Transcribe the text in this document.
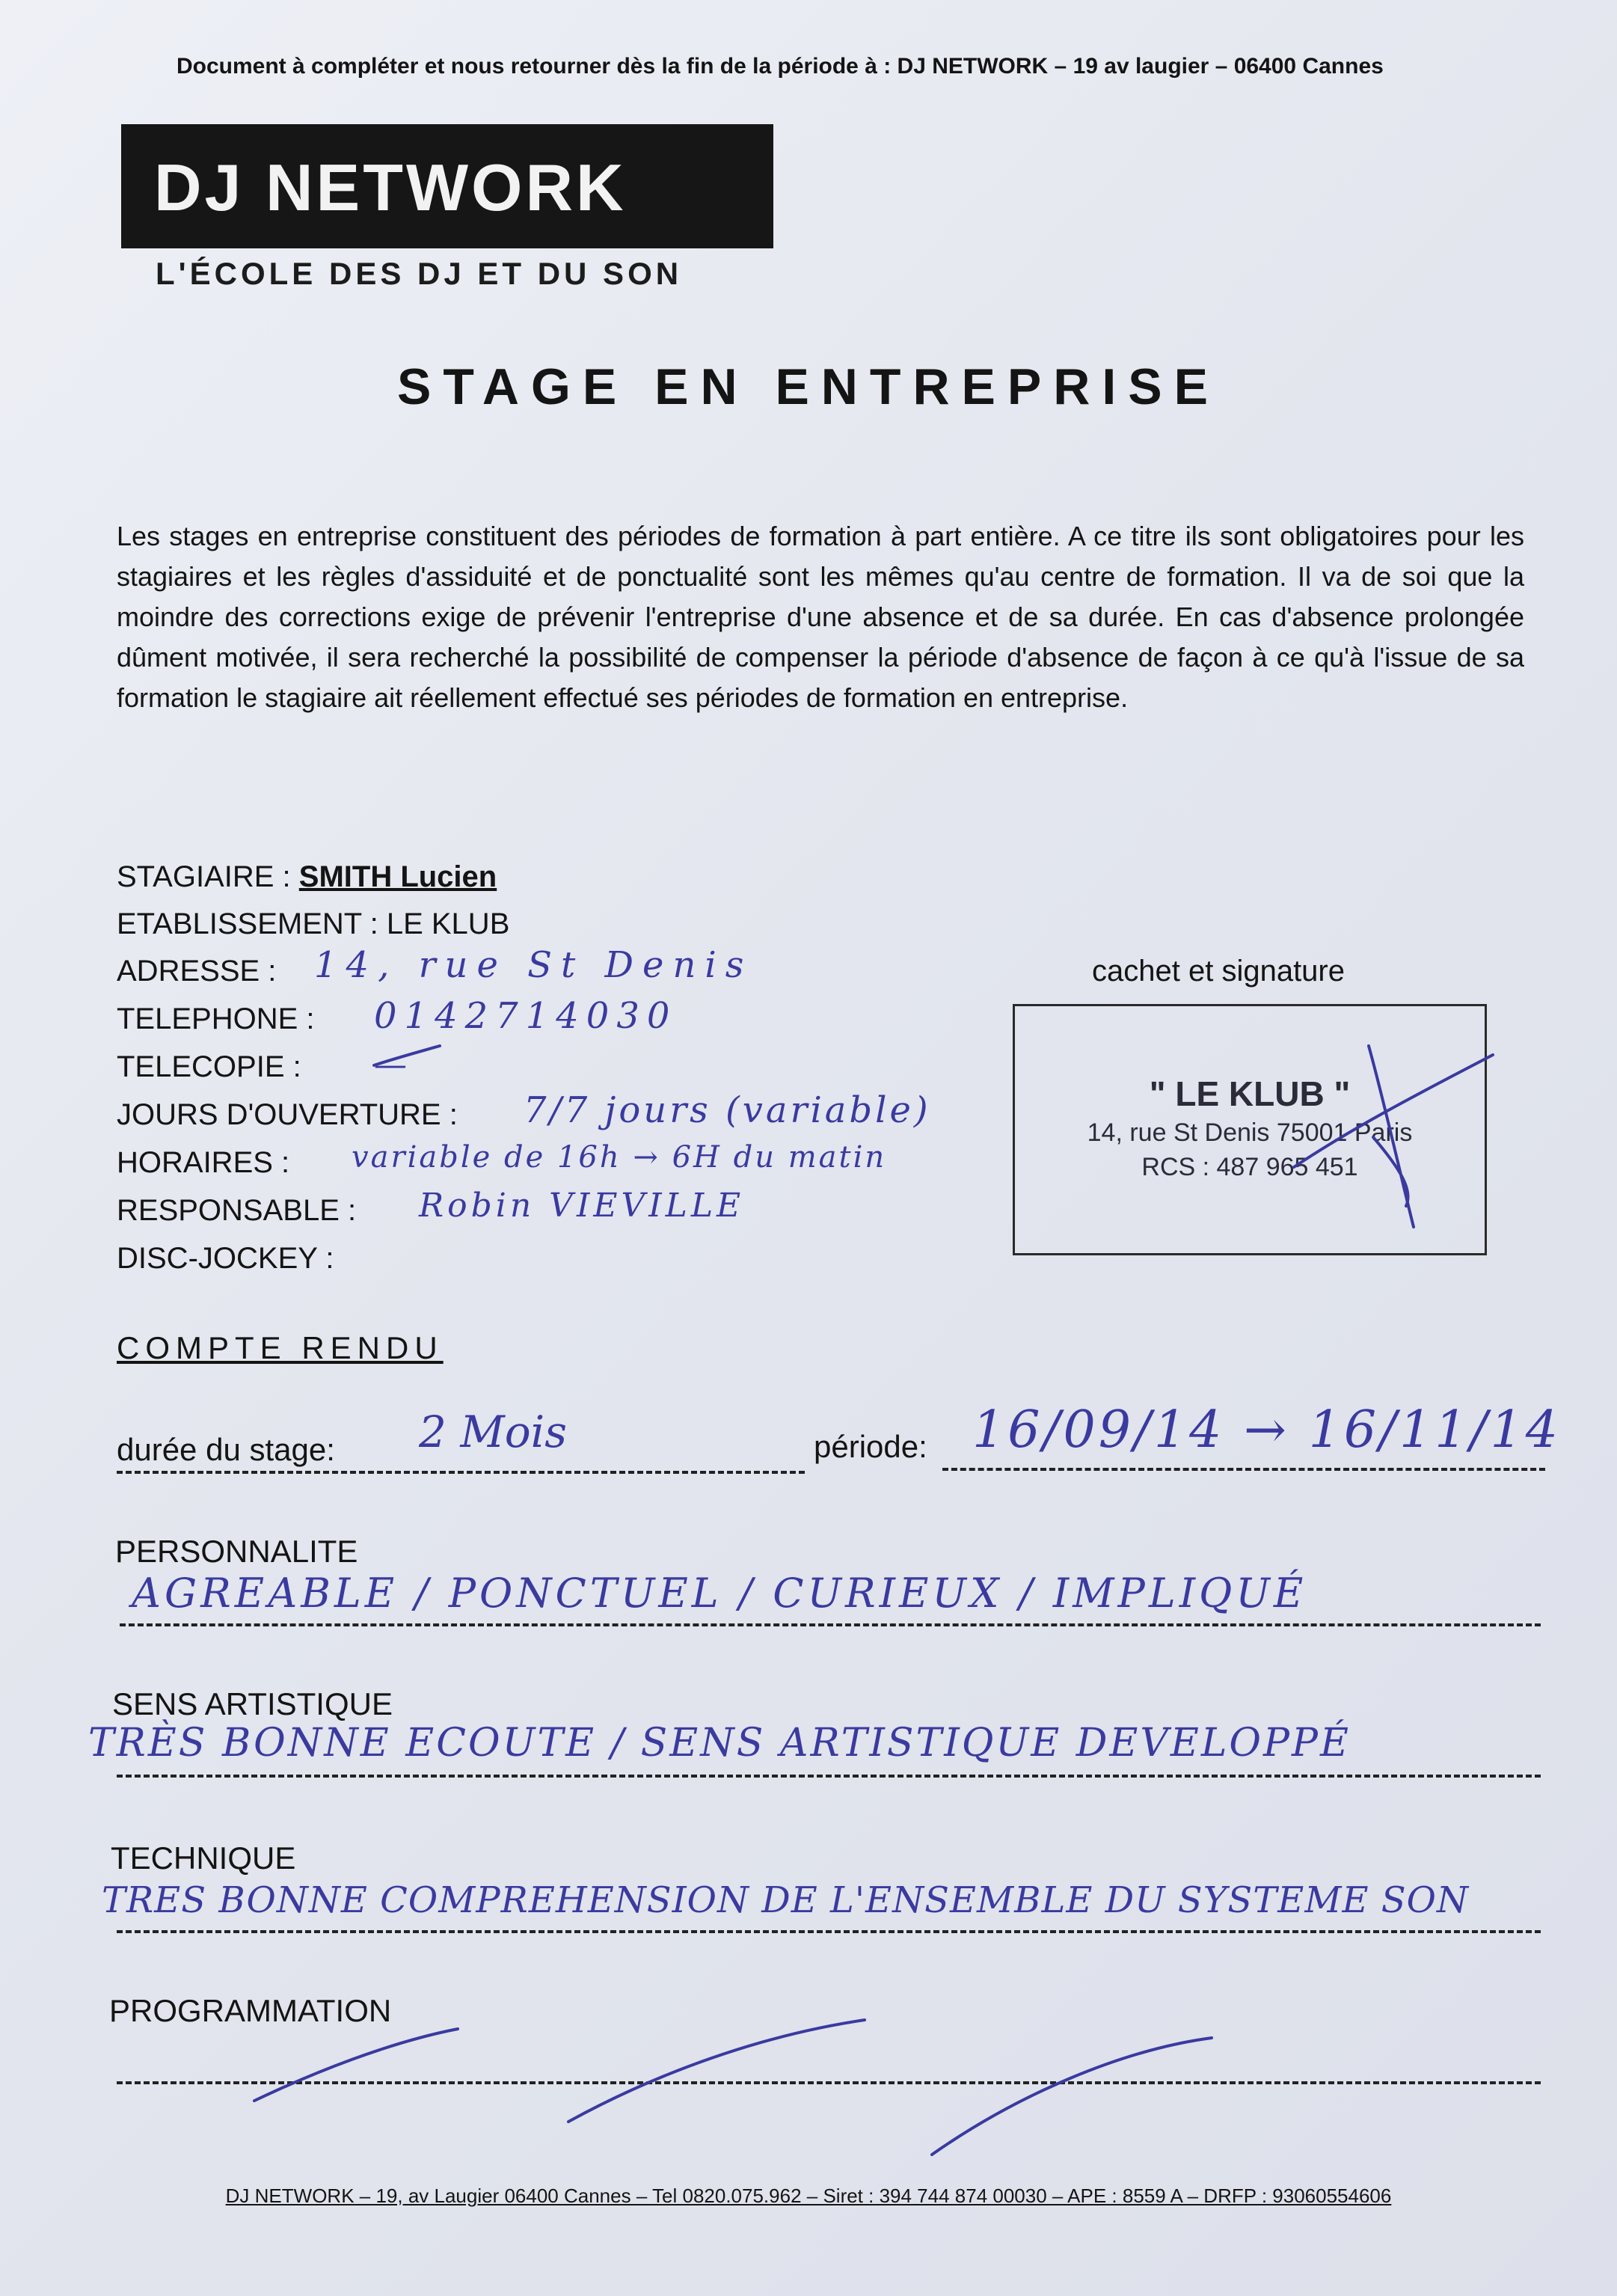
Document à compléter et nous retourner dès la fin de la période à : DJ NETWORK – 19 av laugier – 06400 Cannes
DJ NETWORK
L'ÉCOLE DES DJ ET DU SON
STAGE EN ENTREPRISE
Les stages en entreprise constituent des périodes de formation à part entière. A ce titre ils sont obligatoires pour les stagiaires et les règles d'assiduité et de ponctualité sont les mêmes qu'au centre de formation. Il va de soi que la moindre des corrections exige de prévenir l'entreprise d'une absence et de sa durée. En cas d'absence prolongée dûment motivée, il sera recherché la possibilité de compenser la période d'absence de façon à ce qu'à l'issue de sa formation le stagiaire ait réellement effectué ses périodes de formation en entreprise.
STAGIAIRE : SMITH Lucien
ETABLISSEMENT : LE KLUB
ADRESSE : 14, rue St Denis
TELEPHONE : 0142714030
TELECOPIE : —
JOURS D'OUVERTURE : 7/7 jours (variable)
HORAIRES : variable de 16h → 6H du matin
RESPONSABLE : Robin VIEVILLE
DISC-JOCKEY :
cachet et signature
" LE KLUB "
14, rue St Denis 75001 Paris
RCS : 487 965 451
COMPTE RENDU
durée du stage: 2 Mois	période: 16/09/14 → 16/11/14
PERSONNALITE
AGREABLE / PONCTUEL / CURIEUX / IMPLIQUÉ
SENS ARTISTIQUE
TRÈS BONNE ECOUTE / SENS ARTISTIQUE DEVELOPPÉ
TECHNIQUE
TRES BONNE COMPREHENSION DE L'ENSEMBLE DU SYSTEME SON
PROGRAMMATION
DJ NETWORK – 19, av Laugier 06400 Cannes – Tel 0820.075.962 – Siret : 394 744 874 00030 – APE : 8559 A – DRFP : 93060554606
